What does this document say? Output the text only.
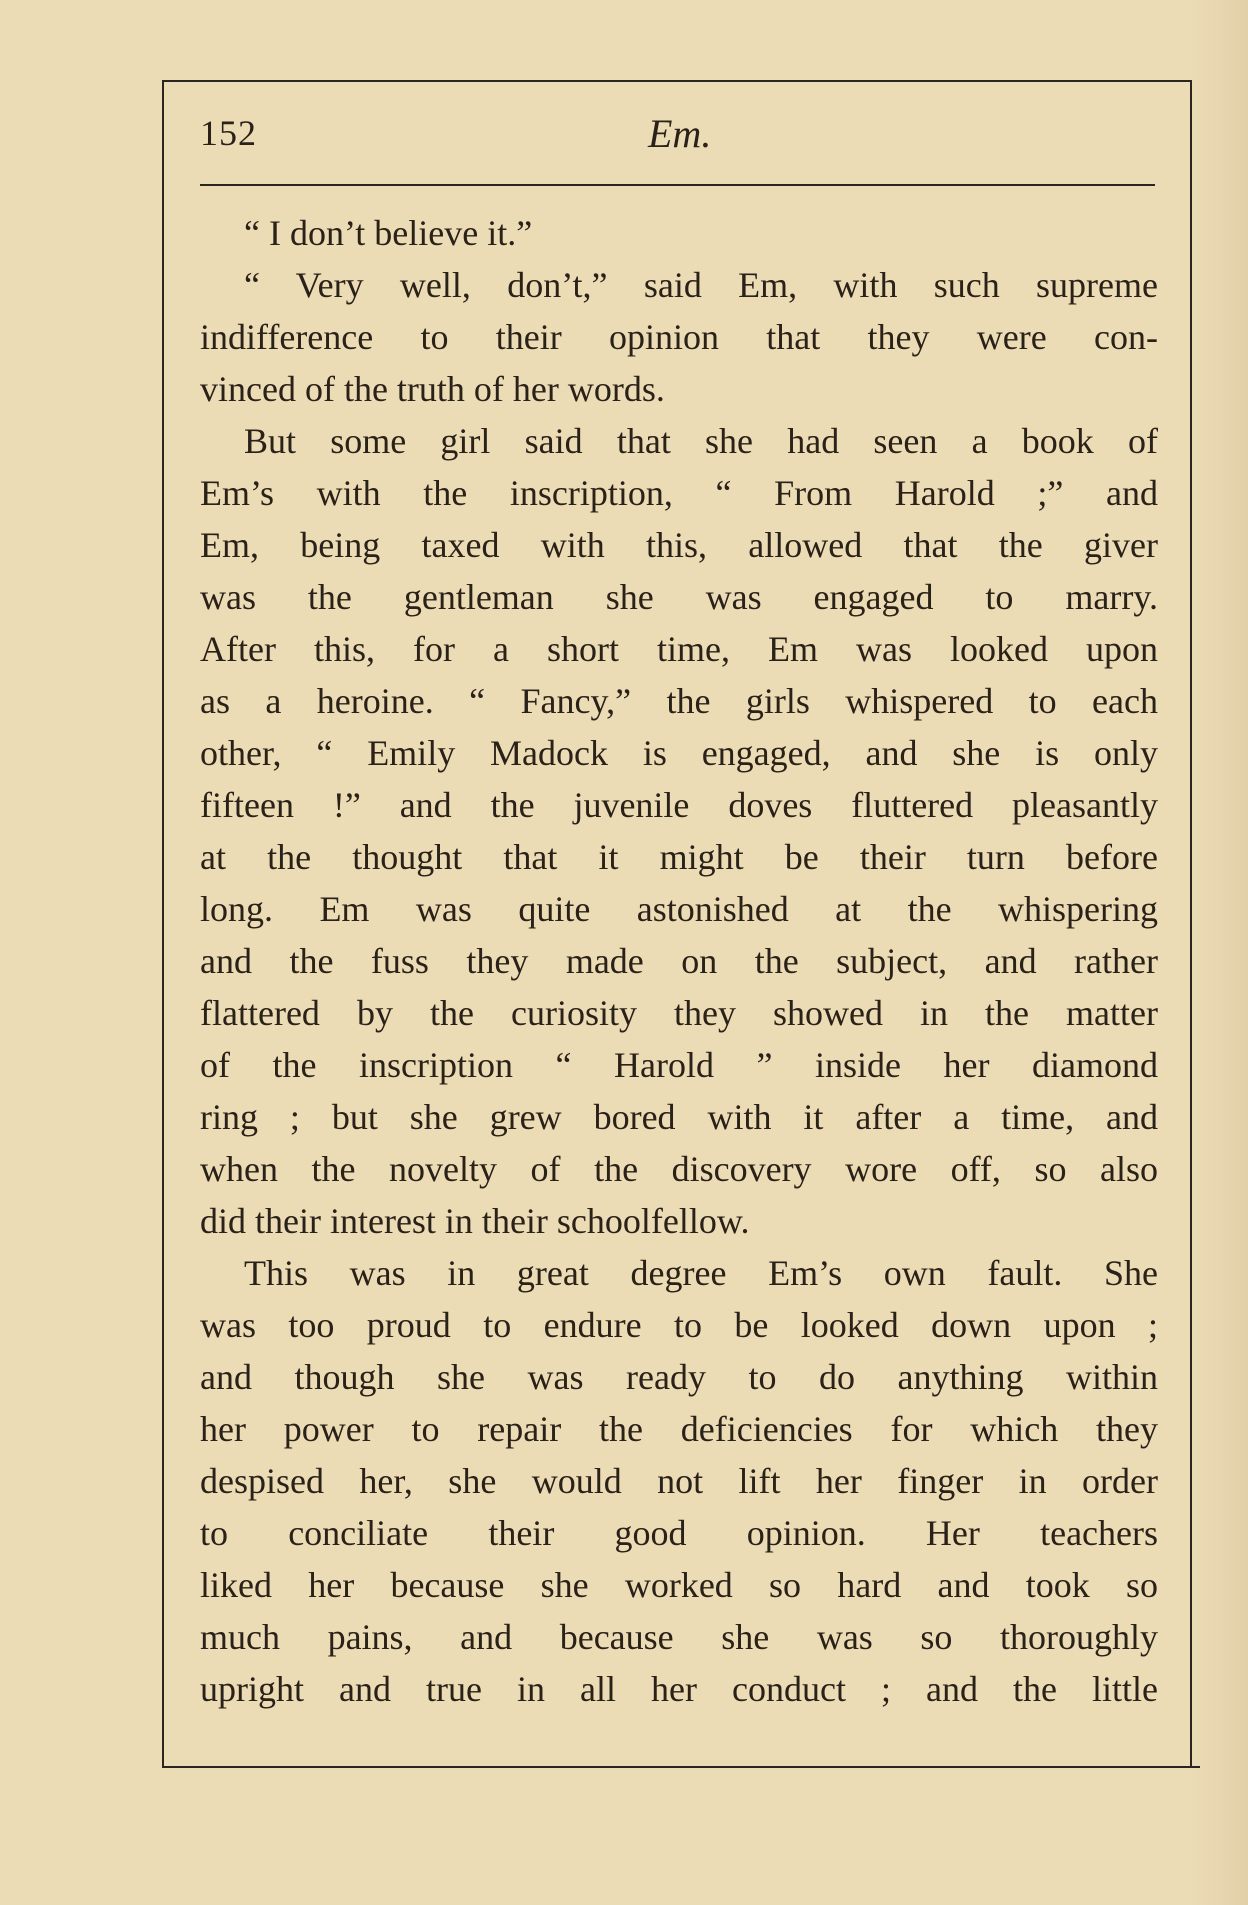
152	Em.
“ I don’t believe it.”
“ Very well, don’t,” said Em, with such supreme
indifference to their opinion that they were con-
vinced of the truth of her words.
But some girl said that she had seen a book of
Em’s with the inscription, “ From Harold ;” and
Em, being taxed with this, allowed that the giver
was the gentleman she was engaged to marry.
After this, for a short time, Em was looked upon
as a heroine. “ Fancy,” the girls whispered to each
other, “ Emily Madock is engaged, and she is only
fifteen !” and the juvenile doves fluttered pleasantly
at the thought that it might be their turn before
long. Em was quite astonished at the whispering
and the fuss they made on the subject, and rather
flattered by the curiosity they showed in the matter
of the inscription “ Harold ” inside her diamond
ring ; but she grew bored with it after a time, and
when the novelty of the discovery wore off, so also
did their interest in their schoolfellow.
This was in great degree Em’s own fault. She
was too proud to endure to be looked down upon ;
and though she was ready to do anything within
her power to repair the deficiencies for which they
despised her, she would not lift her finger in order
to conciliate their good opinion. Her teachers
liked her because she worked so hard and took so
much pains, and because she was so thoroughly
upright and true in all her conduct ; and the little
